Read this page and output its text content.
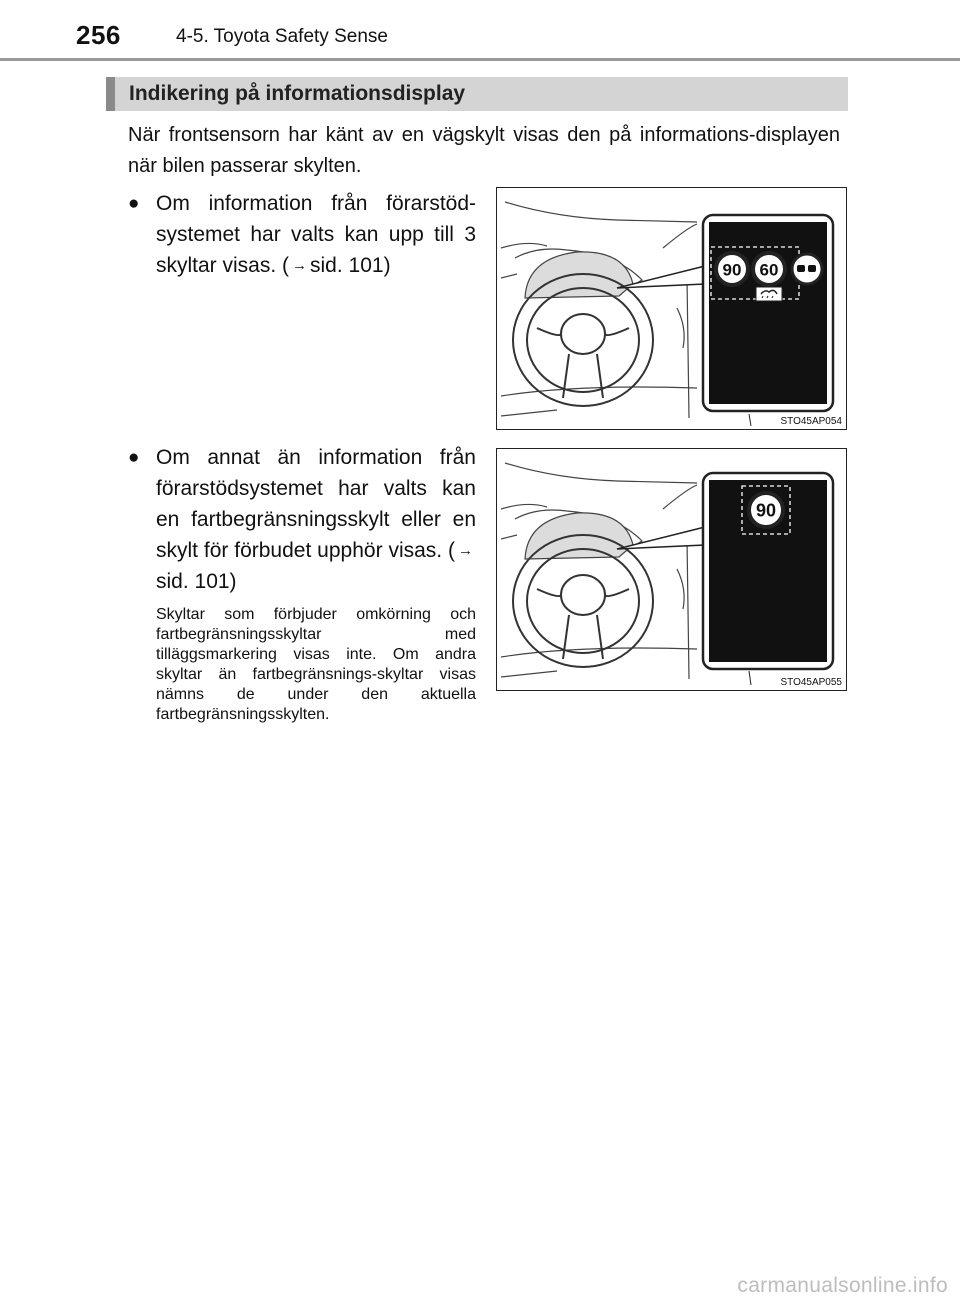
256	4-5. Toyota Safety Sense
Indikering på informationsdisplay
När frontsensorn har känt av en vägskylt visas den på informations-displayen när bilen passerar skylten.
● Om information från förarstöd-systemet har valts kan upp till 3 skyltar visas. ( → sid. 101)
● Om annat än information från förarstödsystemet har valts kan en fartbegränsningsskylt eller en skylt för förbudet upphör visas. ( →sid. 101)
Skyltar som förbjuder omkörning och fartbegränsningsskyltar med tilläggsmarkering visas inte. Om andra skyltar än fartbegränsnings-skyltar visas nämns de under den aktuella fartbegränsningsskylten.
90 60
STO45AP054
90
STO45AP055
carmanualsonline.info
